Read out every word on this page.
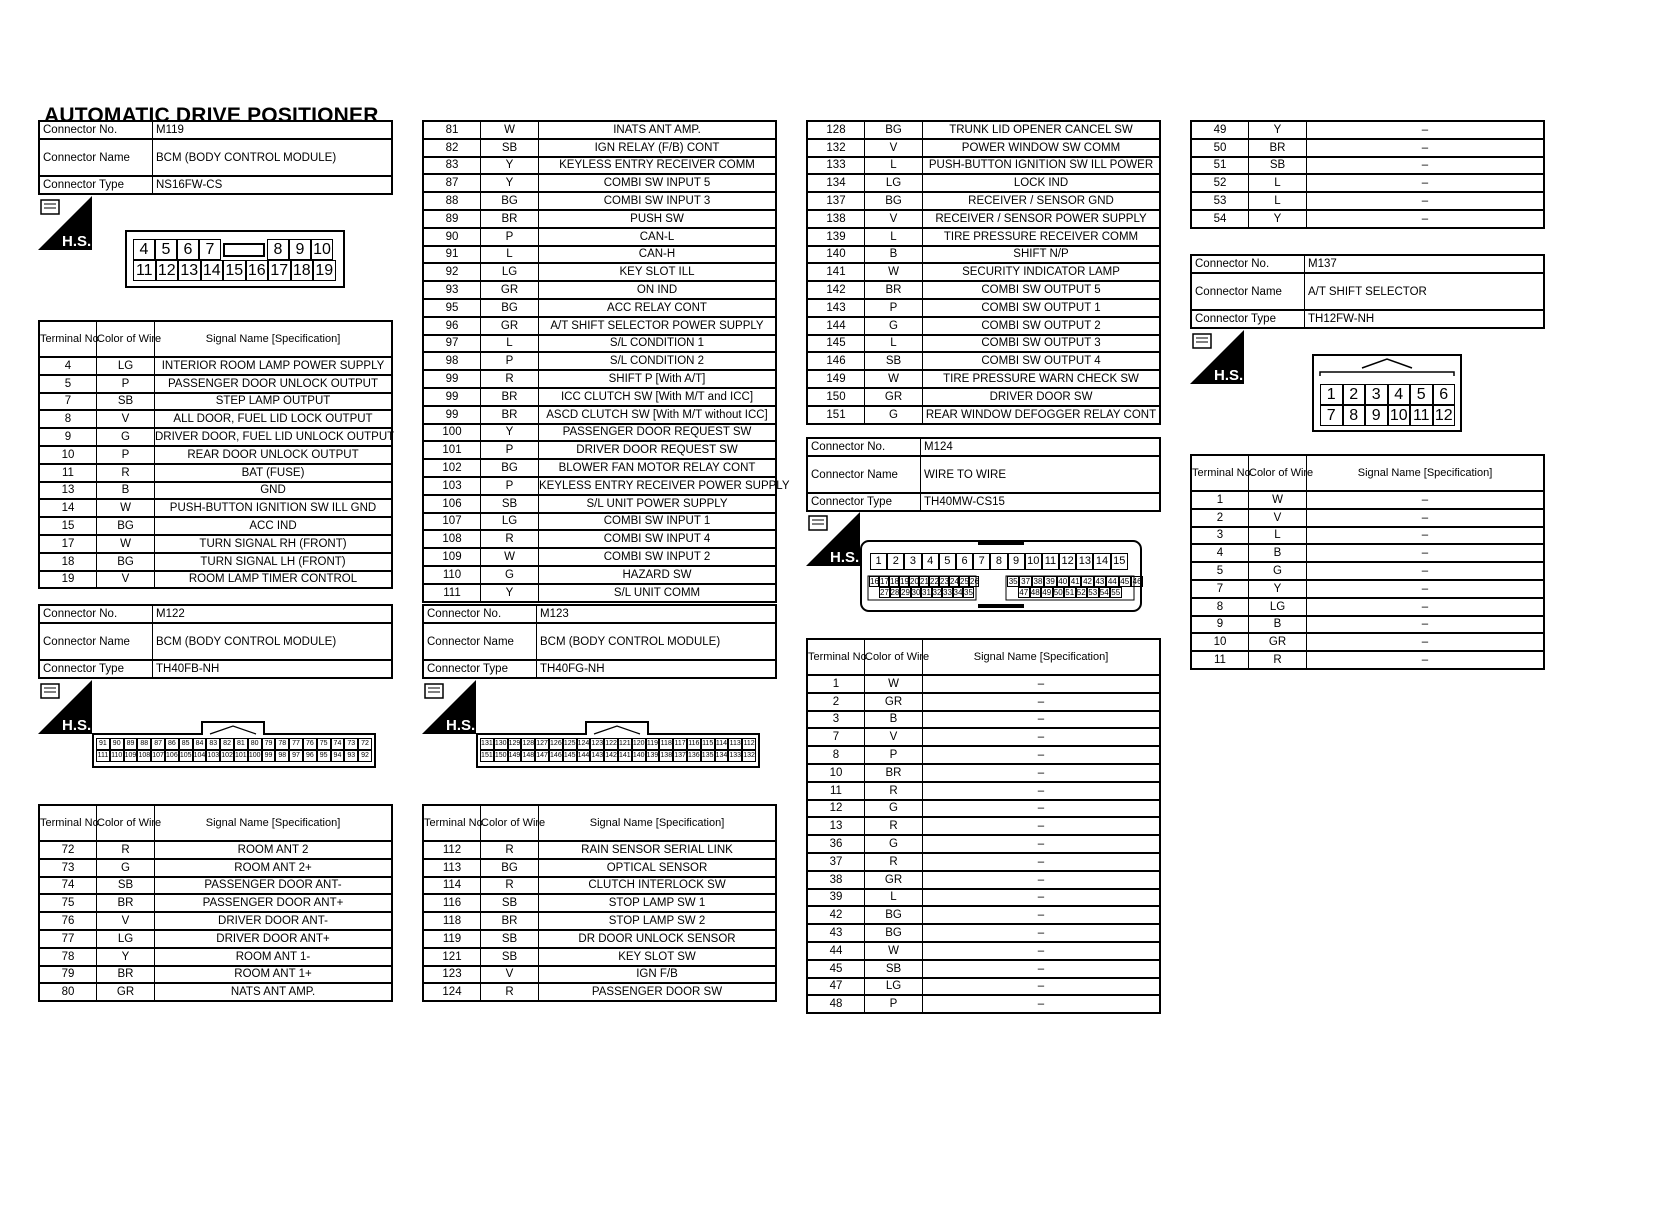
AUTOMATIC DRIVE POSITIONER
Connector No.	M119
Connector Name	BCM (BODY CONTROL MODULE)
Connector Type	NS16FW-CS
H.S.	4 5 6 7	8 9 10
11 12 13 14 15 16 17 18 19
Terminal No.	Color of Wire	Signal Name [Specification]
4	LG	INTERIOR ROOM LAMP POWER SUPPLY
5	P	PASSENGER DOOR UNLOCK OUTPUT
7	SB	STEP LAMP OUTPUT
8	V	ALL DOOR, FUEL LID LOCK OUTPUT
9	G	DRIVER DOOR, FUEL LID UNLOCK OUTPUT
10	P	REAR DOOR UNLOCK OUTPUT
11	R	BAT (FUSE)
13	B	GND
14	W	PUSH-BUTTON IGNITION SW ILL GND
15	BG	ACC IND
17	W	TURN SIGNAL RH (FRONT)
18	BG	TURN SIGNAL LH (FRONT)
19	V	ROOM LAMP TIMER CONTROL
81	W	INATS ANT AMP.
82	SB	IGN RELAY (F/B) CONT
83	Y	KEYLESS ENTRY RECEIVER COMM
87	Y	COMBI SW INPUT 5
88	BG	COMBI SW INPUT 3
89	BR	PUSH SW
90	P	CAN-L
91	L	CAN-H
92	LG	KEY SLOT ILL
93	GR	ON IND
95	BG	ACC RELAY CONT
96	GR	A/T SHIFT SELECTOR POWER SUPPLY
97	L	S/L CONDITION 1
98	P	S/L CONDITION 2
99	R	SHIFT P [With A/T]
99	BR	ICC CLUTCH SW [With M/T and ICC]
99	BR	ASCD CLUTCH SW [With M/T without ICC]
100	Y	PASSENGER DOOR REQUEST SW
101	P	DRIVER DOOR REQUEST SW
102	BG	BLOWER FAN MOTOR RELAY CONT
103	P	KEYLESS ENTRY RECEIVER POWER SUPPLY
106	SB	S/L UNIT POWER SUPPLY
107	LG	COMBI SW INPUT 1
108	R	COMBI SW INPUT 4
109	W	COMBI SW INPUT 2
110	G	HAZARD SW
111	Y	S/L UNIT COMM
128	BG	TRUNK LID OPENER CANCEL SW
132	V	POWER WINDOW SW COMM
133	L	PUSH-BUTTON IGNITION SW ILL POWER
134	LG	LOCK IND
137	BG	RECEIVER / SENSOR GND
138	V	RECEIVER / SENSOR POWER SUPPLY
139	L	TIRE PRESSURE RECEIVER COMM
140	B	SHIFT N/P
141	W	SECURITY INDICATOR LAMP
142	BR	COMBI SW OUTPUT 5
143	P	COMBI SW OUTPUT 1
144	G	COMBI SW OUTPUT 2
145	L	COMBI SW OUTPUT 3
146	SB	COMBI SW OUTPUT 4
149	W	TIRE PRESSURE WARN CHECK SW
150	GR	DRIVER DOOR SW
151	G	REAR WINDOW DEFOGGER RELAY CONT
49	Y	–
50	BR	–
51	SB	–
52	L	–
53	L	–
54	Y	–
Connector No.	M137
Connector Name	A/T SHIFT SELECTOR
Connector Type	TH12FW-NH
H.S.
1 2 3 4 5 6
7 8 9 10 11 12
Terminal No.	Color of Wire	Signal Name [Specification]
1	W	–
2	V	–
3	L	–
4	B	–
5	G	–
7	Y	–
8	LG	–
9	B	–
10	GR	–
11	R	–
Connector No.	M124
Connector Name	WIRE TO WIRE
Connector Type	TH40MW-CS15
H.S.	1	2	3	4	5	6	7	8	9 10 11 12 13 14 15
16 17 18 19 20 21 22 23 24 25 26	35 37 38 39 40 41 42 43 44 45 46
27 28 29 30 31 32 33 34 35	47 48 49 50 51 52 53 54 55
Terminal No.	Color of Wire	Signal Name [Specification]
1	W	–
2	GR	–
3	B	–
7	V	–
8	P	–
10	BR	–
11	R	–
12	G	–
13	R	–
36	G	–
37	R	–
38	GR	–
39	L	–
42	BG	–
43	BG	–
44	W	–
45	SB	–
47	LG	–
48	P	–
Connector No.	M122
Connector Name	BCM (BODY CONTROL MODULE)
Connector Type	TH40FB-NH
H.S.
91 90 89 88 87 86 85 84 83 82 81 80 79 78 77 76 75 74 73 72
111 110 109 108 107 106 105 104 103 102 101 100 99 98 97 96 95 94 93 92
Terminal No.	Color of Wire	Signal Name [Specification]
72	R	ROOM ANT 2
73	G	ROOM ANT 2+
74	SB	PASSENGER DOOR ANT-
75	BR	PASSENGER DOOR ANT+
76	V	DRIVER DOOR ANT-
77	LG	DRIVER DOOR ANT+
78	Y	ROOM ANT 1-
79	BR	ROOM ANT 1+
80	GR	NATS ANT AMP.
Connector No.	M123
Connector Name	BCM (BODY CONTROL MODULE)
Connector Type	TH40FG-NH
H.S.
131 130 129 128 127 126 125 124 123 122 121 120 119 118 117 116 115 114 113 112
151 150 149 148 147 146 145 144 143 142 141 140 139 138 137 136 135 134 133 132
Terminal No.	Color of Wire	Signal Name [Specification]
112	R	RAIN SENSOR SERIAL LINK
113	BG	OPTICAL SENSOR
114	R	CLUTCH INTERLOCK SW
116	SB	STOP LAMP SW 1
118	BR	STOP LAMP SW 2
119	SB	DR DOOR UNLOCK SENSOR
121	SB	KEY SLOT SW
123	V	IGN F/B
124	R	PASSENGER DOOR SW
